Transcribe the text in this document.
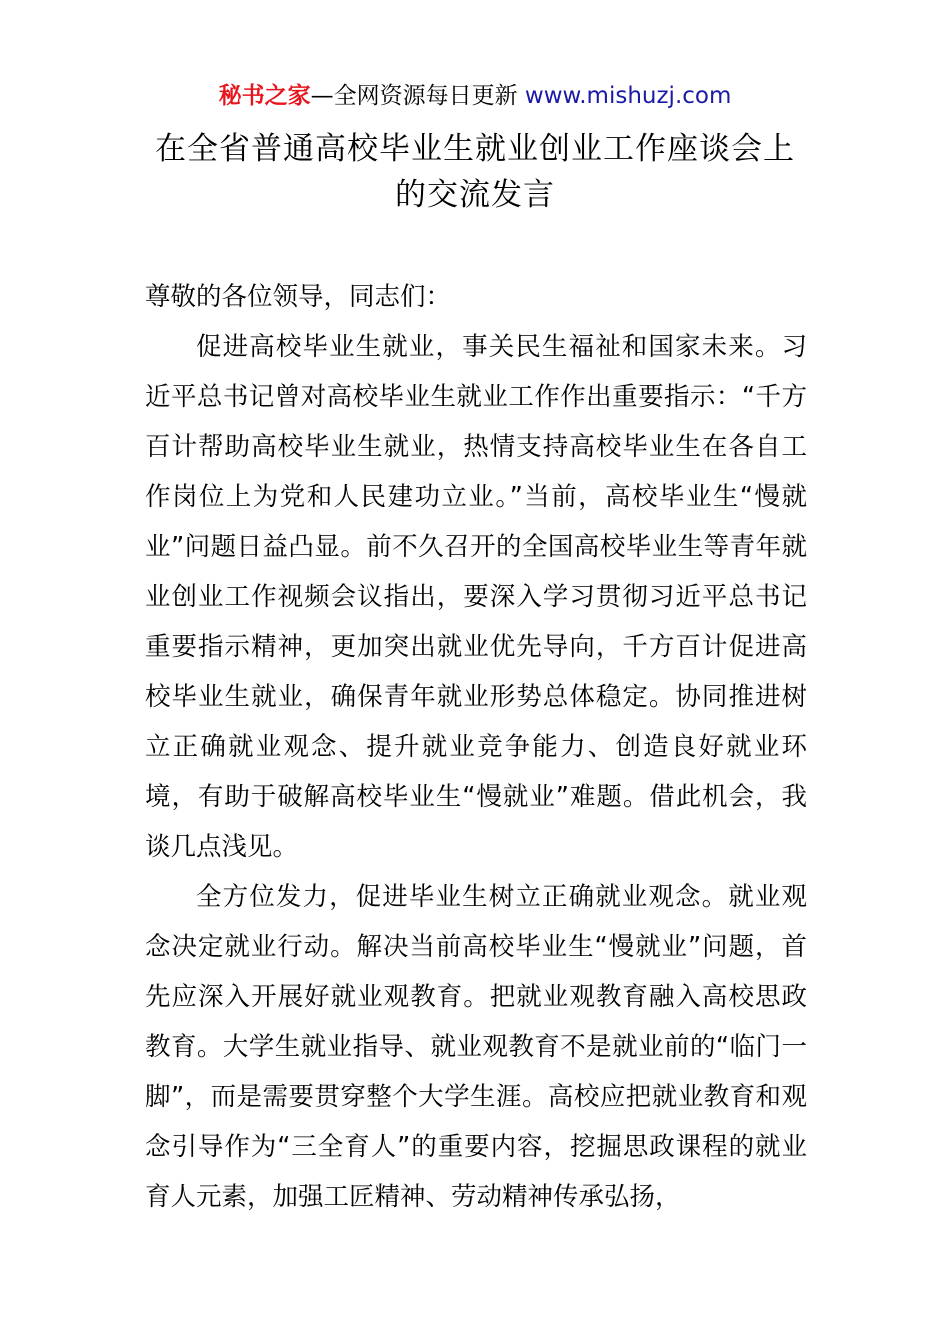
秘书之家—全网资源每日更新 www.mishuzj.com
在全省普通高校毕业生就业创业工作座谈会上的交流发言

尊敬的各位领导，同志们：

促进高校毕业生就业，事关民生福祉和国家未来。习近平总书记曾对高校毕业生就业工作作出重要指示：“千方百计帮助高校毕业生就业，热情支持高校毕业生在各自工作岗位上为党和人民建功立业。”当前，高校毕业生“慢就业”问题日益凸显。前不久召开的全国高校毕业生等青年就业创业工作视频会议指出，要深入学习贯彻习近平总书记重要指示精神，更加突出就业优先导向，千方百计促进高校毕业生就业，确保青年就业形势总体稳定。协同推进树立正确就业观念、提升就业竞争能力、创造良好就业环境，有助于破解高校毕业生“慢就业”难题。借此机会，我谈几点浅见。

全方位发力，促进毕业生树立正确就业观念。就业观念决定就业行动。解决当前高校毕业生“慢就业”问题，首先应深入开展好就业观教育。把就业观教育融入高校思政教育。大学生就业指导、就业观教育不是就业前的“临门一脚”，而是需要贯穿整个大学生涯。高校应把就业教育和观念引导作为“三全育人”的重要内容，挖掘思政课程的就业育人元素，加强工匠精神、劳动精神传承弘扬，
